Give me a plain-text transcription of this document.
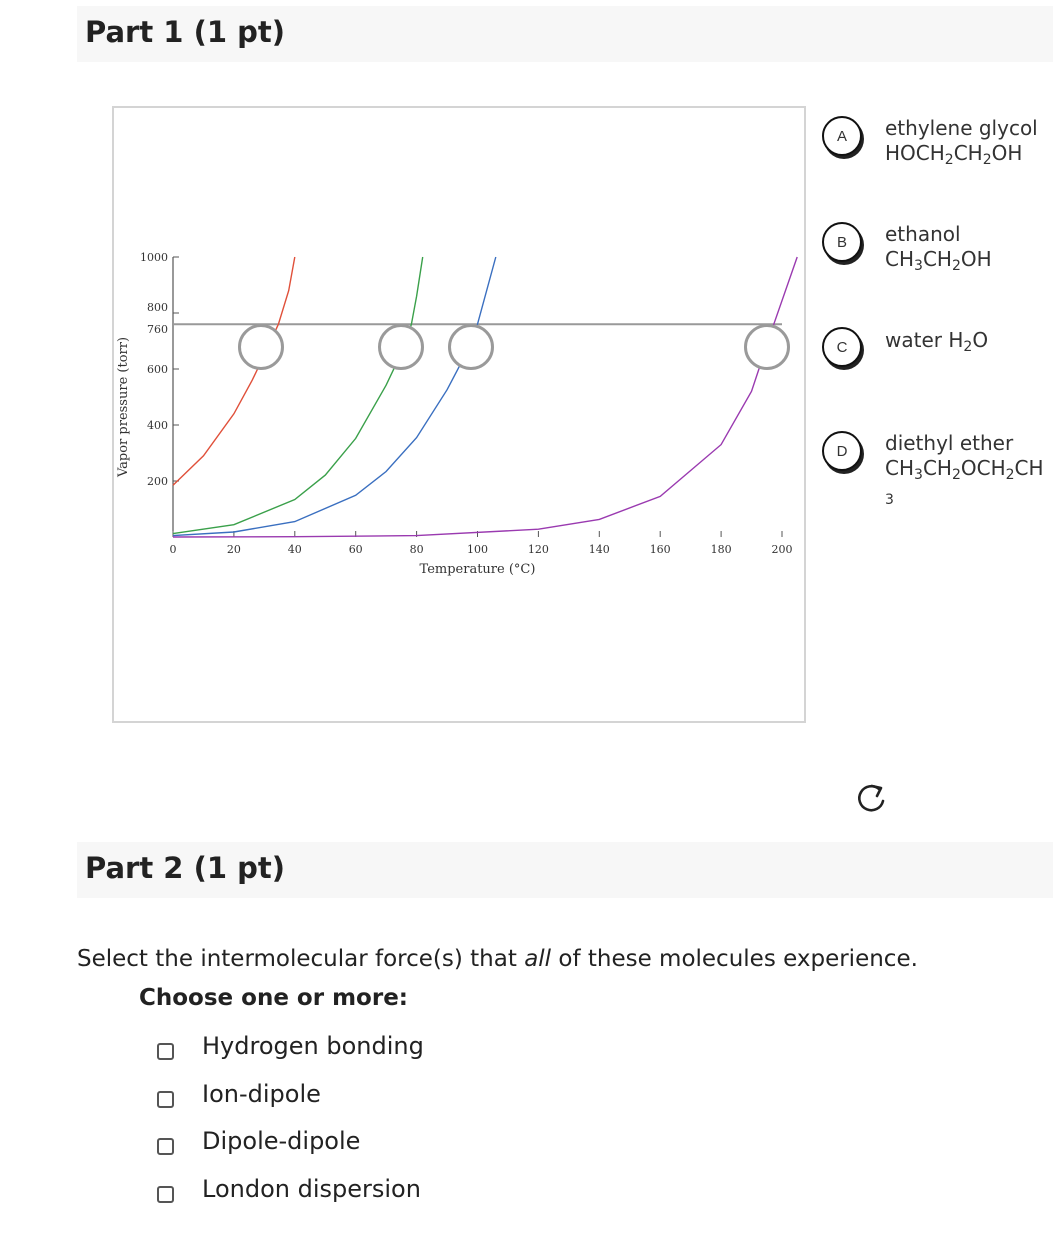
Part 1 (1 pt)
0	20	40	60	80	100	120	140	160	180	200
200
400
600
760
800
1000
Temperature (°C)
Vapor pressure (torr)
A	ethylene glycol
$HOCH_2CH_2OH$
B	ethanol
$CH_3CH_2OH$
C	water $H_2O$
D	diethyl ether
$CH_3CH_2OCH_2CH_3$
Part 2 (1 pt)

Select the intermolecular force(s) that all of these molecules experience.

Choose one or more:

Hydrogen bonding
Ion-dipole
Dipole-dipole
London dispersion
